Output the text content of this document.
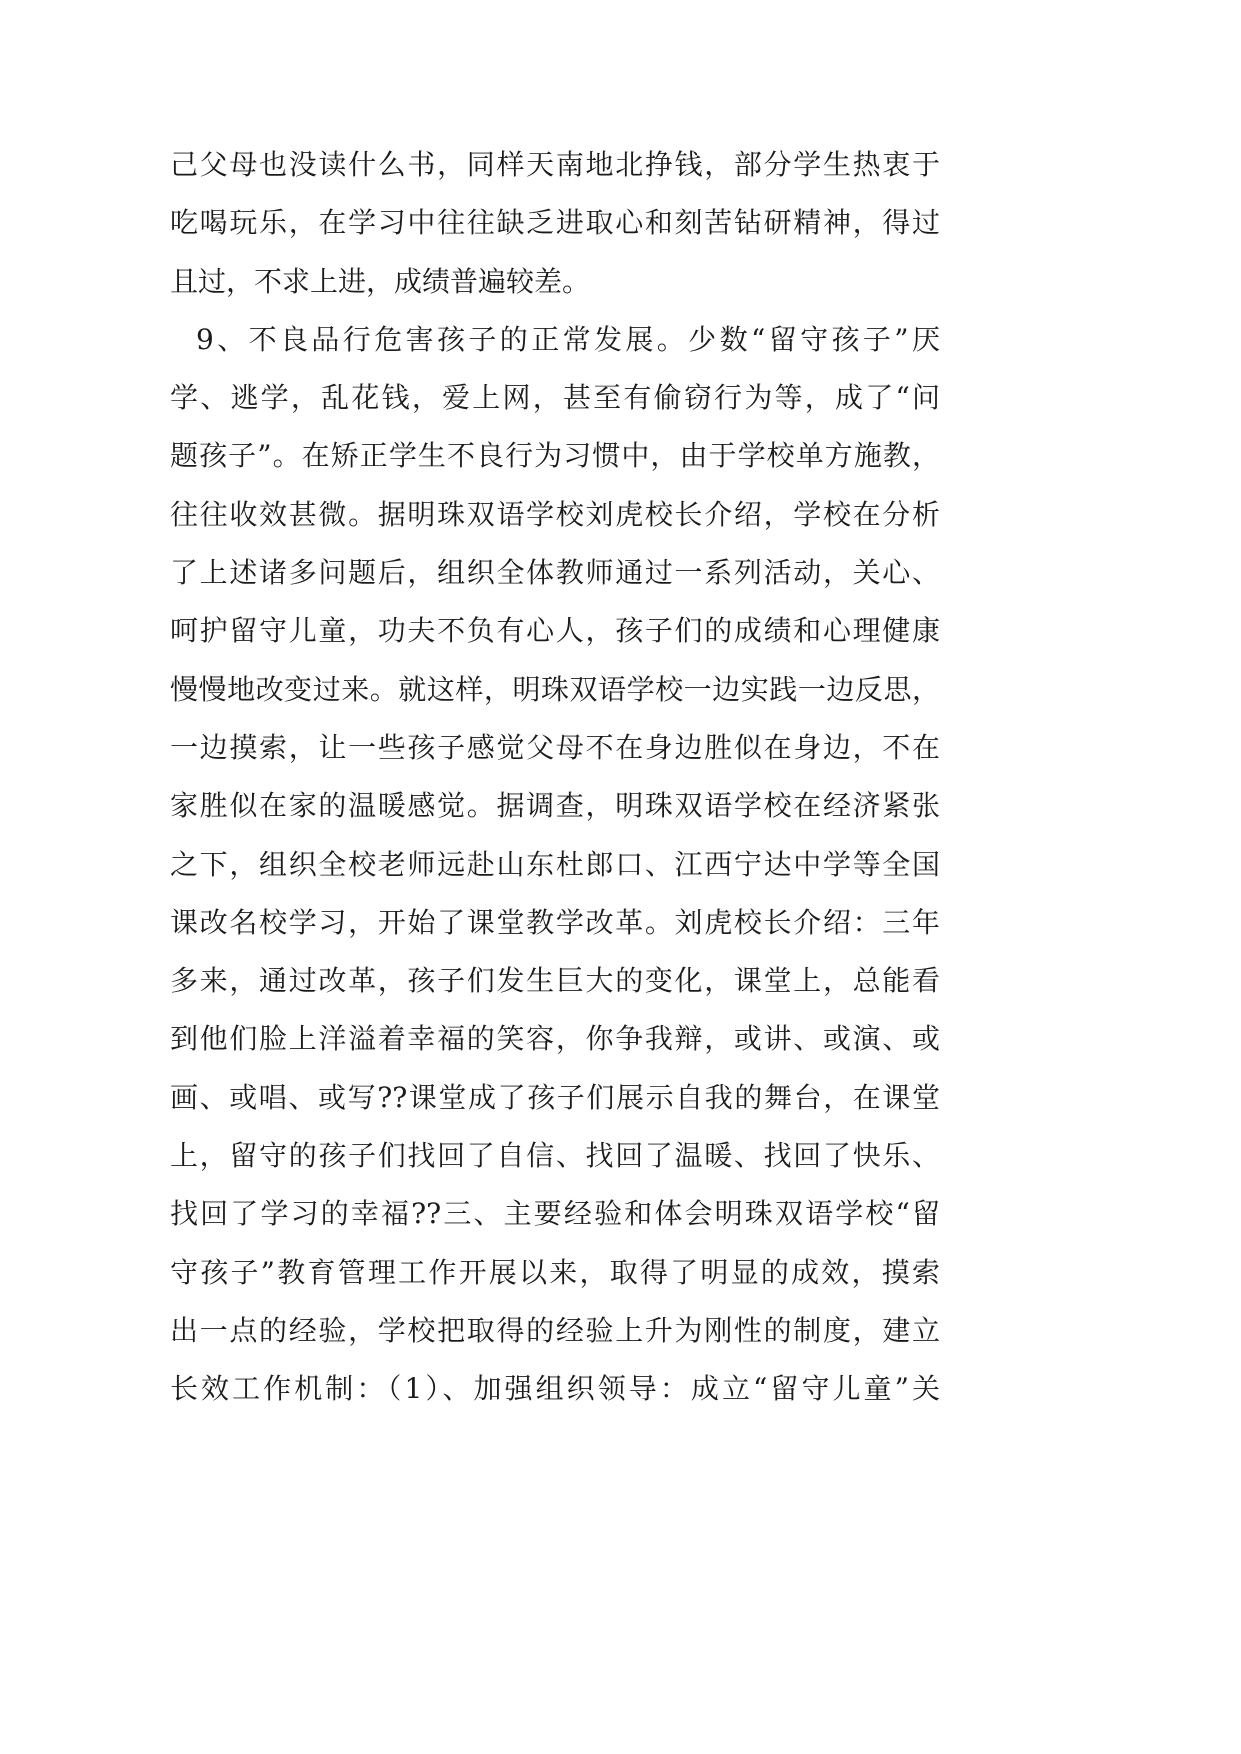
己父母也没读什么书，同样天南地北挣钱，部分学生热衷于
吃喝玩乐，在学习中往往缺乏进取心和刻苦钻研精神，得过
且过，不求上进，成绩普遍较差。
9、不良品行危害孩子的正常发展。少数“留守孩子”厌
学、逃学，乱花钱，爱上网，甚至有偷窃行为等，成了“问
题孩子”。在矫正学生不良行为习惯中，由于学校单方施教，
往往收效甚微。据明珠双语学校刘虎校长介绍，学校在分析
了上述诸多问题后，组织全体教师通过一系列活动，关心、
呵护留守儿童，功夫不负有心人，孩子们的成绩和心理健康
慢慢地改变过来。就这样，明珠双语学校一边实践一边反思，
一边摸索，让一些孩子感觉父母不在身边胜似在身边，不在
家胜似在家的温暖感觉。据调查，明珠双语学校在经济紧张
之下，组织全校老师远赴山东杜郎口、江西宁达中学等全国
课改名校学习，开始了课堂教学改革。刘虎校长介绍：三年
多来，通过改革，孩子们发生巨大的变化，课堂上，总能看
到他们脸上洋溢着幸福的笑容，你争我辩，或讲、或演、或
画、或唱、或写??课堂成了孩子们展示自我的舞台，在课堂
上，留守的孩子们找回了自信、找回了温暖、找回了快乐、
找回了学习的幸福??三、主要经验和体会明珠双语学校“留
守孩子”教育管理工作开展以来，取得了明显的成效，摸索
出一点的经验，学校把取得的经验上升为刚性的制度，建立
长效工作机制：（1）、加强组织领导：成立“留守儿童”关
